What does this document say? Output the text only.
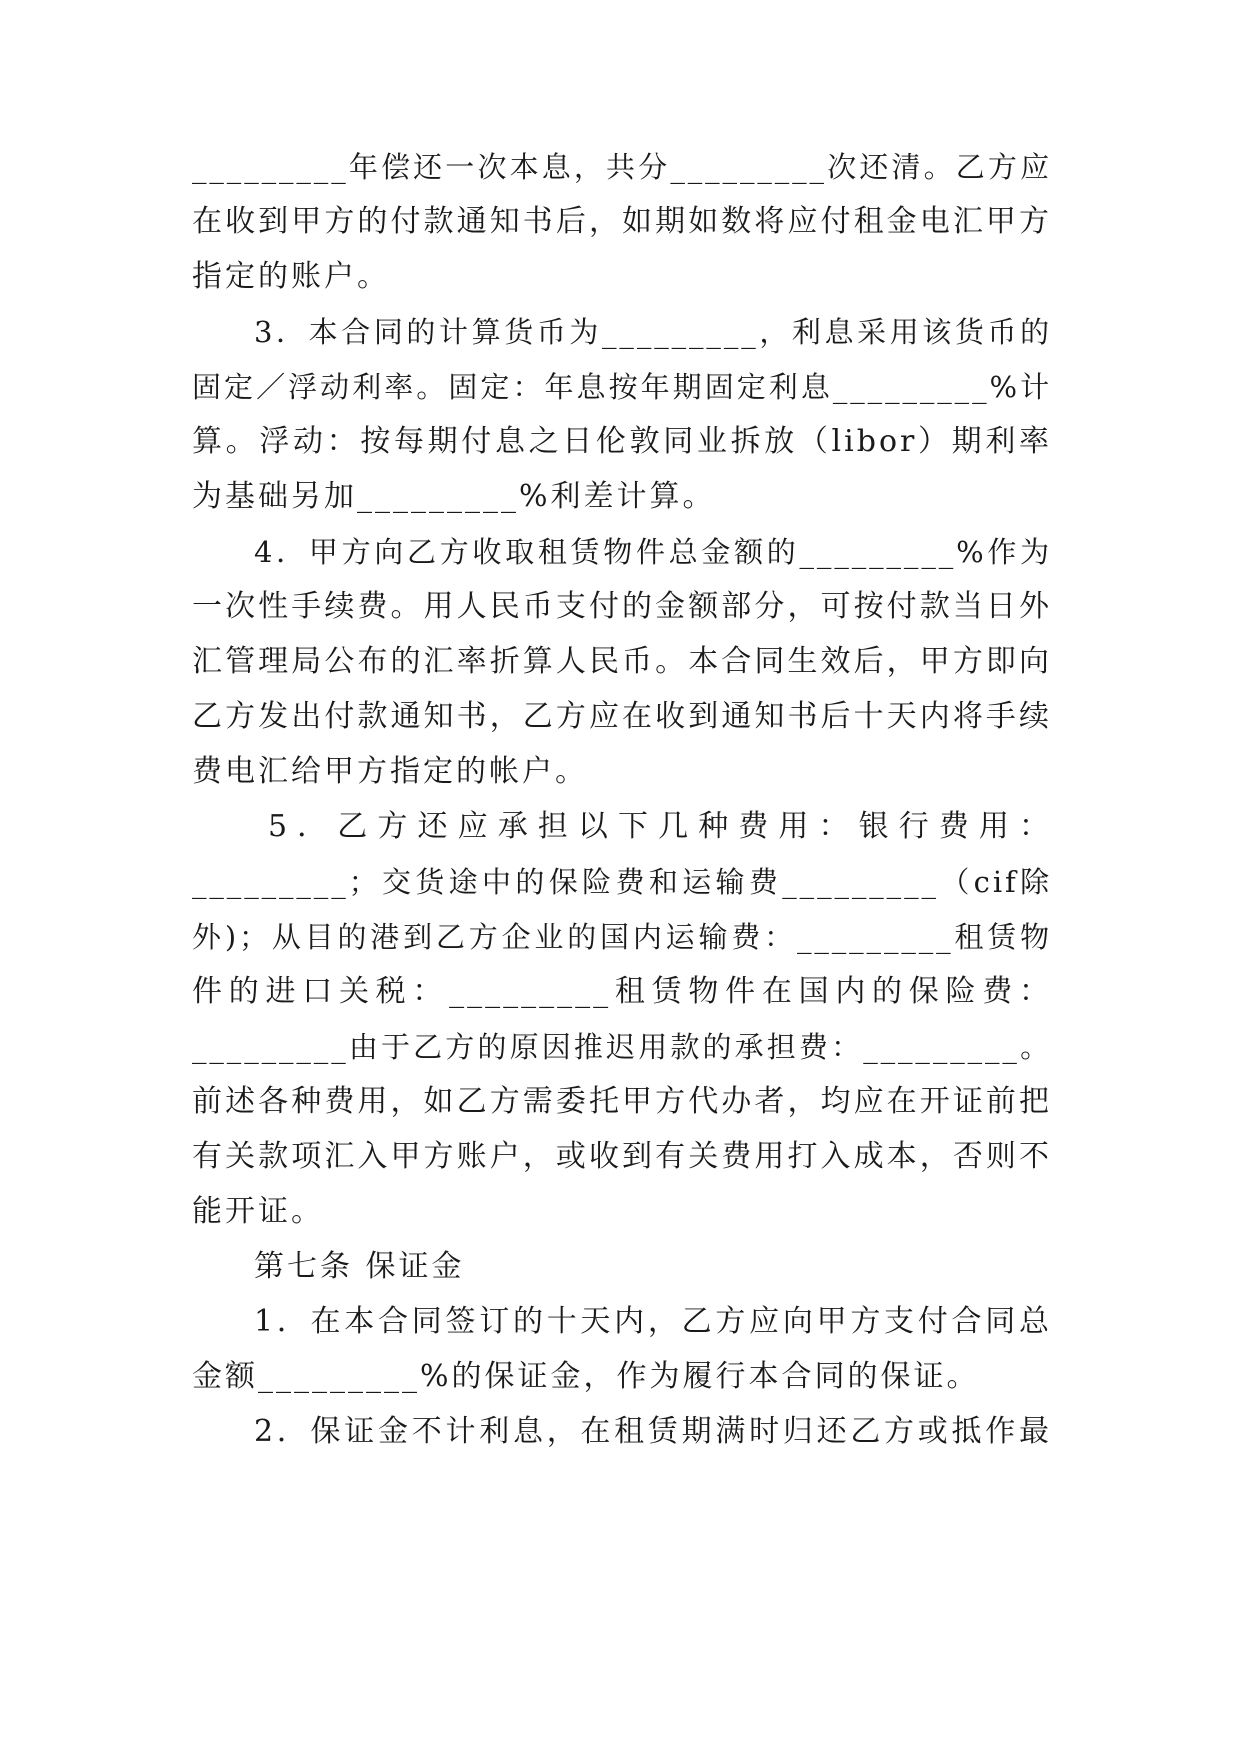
_________年偿还一次本息，共分_________次还清。乙方应
在收到甲方的付款通知书后，如期如数将应付租金电汇甲方
指定的账户。
3．本合同的计算货币为_________，利息采用该货币的
固定／浮动利率。固定：年息按年期固定利息_________%计
算。浮动：按每期付息之日伦敦同业拆放（libor）期利率
为基础另加_________%利差计算。
4．甲方向乙方收取租赁物件总金额的_________%作为
一次性手续费。用人民币支付的金额部分，可按付款当日外
汇管理局公布的汇率折算人民币。本合同生效后，甲方即向
乙方发出付款通知书，乙方应在收到通知书后十天内将手续
费电汇给甲方指定的帐户。
5．乙方还应承担以下几种费用：银行费用：
_________；交货途中的保险费和运输费_________（cif除
外)；从目的港到乙方企业的国内运输费：_________租赁物
件的进口关税：_________租赁物件在国内的保险费：
_________由于乙方的原因推迟用款的承担费：_________。
前述各种费用，如乙方需委托甲方代办者，均应在开证前把
有关款项汇入甲方账户，或收到有关费用打入成本，否则不
能开证。
第七条 保证金
1．在本合同签订的十天内，乙方应向甲方支付合同总
金额_________%的保证金，作为履行本合同的保证。
2．保证金不计利息，在租赁期满时归还乙方或抵作最
